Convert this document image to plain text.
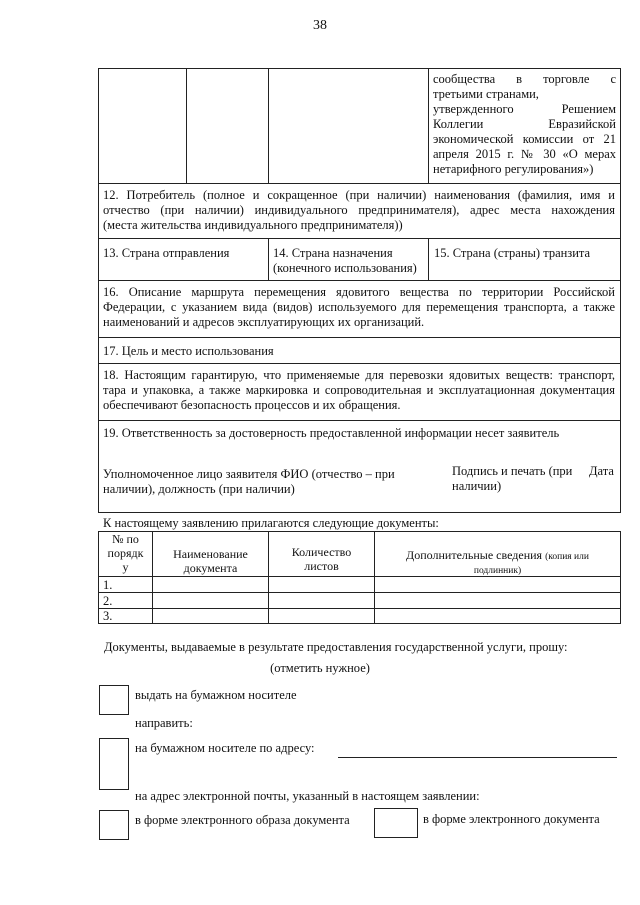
38
сообщества в торговле с
третьими странами,
утвержденного Решением
Коллегии Евразийской
экономической комиссии от 21
апреля 2015 г. № 30 «О мерах
нетарифного регулирования»)
12. Потребитель (полное и сокращенное (при наличии) наименования (фамилия, имя и
отчество (при наличии) индивидуального предпринимателя), адрес места нахождения
(места жительства индивидуального предпринимателя))
13. Страна отправления	14. Страна назначения
(конечного использования)
15. Страна (страны) транзита
16. Описание маршрута перемещения ядовитого вещества по территории Российской
Федерации, с указанием вида (видов) используемого для перемещения транспорта, а также
наименований и адресов эксплуатирующих их организаций.
17. Цель и место использования
18. Настоящим гарантирую, что применяемые для перевозки ядовитых веществ: транспорт,
тара и упаковка, а также маркировка и сопроводительная и эксплуатационная документация
обеспечивают безопасность процессов и их обращения.
19. Ответственность за достоверность предоставленной информации несет заявитель
Уполномоченное лицо заявителя ФИО (отчество – при
наличии), должность (при наличии)
Подпись и печать (при
наличии)
Дата
К настоящему заявлению прилагаются следующие документы:
№ по
порядк
у
Наименование
документа
Количество
листов
Дополнительные сведения (копия или
подлинник)
1.
2.
3.
Документы, выдаваемые в результате предоставления государственной услуги, прошу:
(отметить нужное)
выдать на бумажном носителе
направить:
на бумажном носителе по адресу:
на адрес электронной почты, указанный в настоящем заявлении:
в форме электронного образа документа	в форме электронного документа
